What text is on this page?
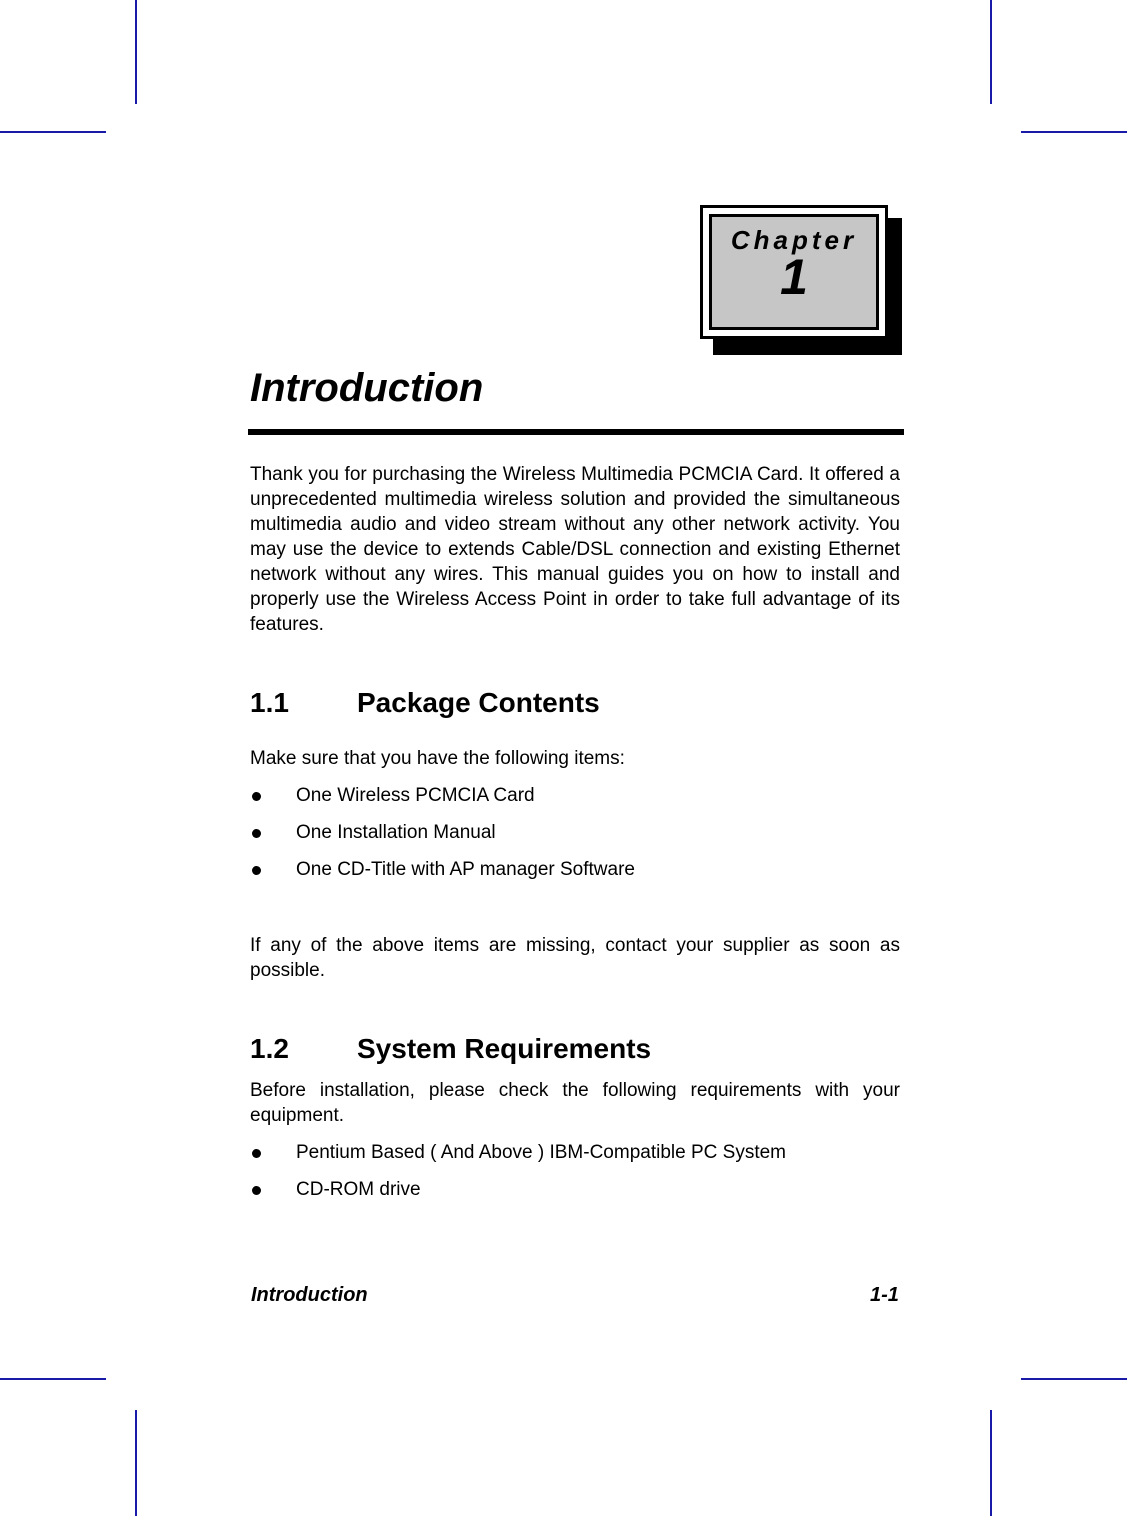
Chapter
1
Introduction

Thank you for purchasing the Wireless Multimedia PCMCIA Card. It offered a unprecedented multimedia wireless solution and provided the simultaneous multimedia audio and video stream without any other network activity. You may use the device to extends Cable/DSL connection and existing Ethernet network without any wires. This manual guides you on how to install and properly use the Wireless Access Point in order to take full advantage of its features.

1.1 Package Contents

Make sure that you have the following items:

One Wireless PCMCIA Card
One Installation Manual
One CD-Title with AP manager Software

If any of the above items are missing, contact your supplier as soon as possible.

1.2 System Requirements

Before installation, please check the following requirements with your equipment.

Pentium Based ( And Above ) IBM-Compatible PC System
CD-ROM drive
Introduction	1-1
